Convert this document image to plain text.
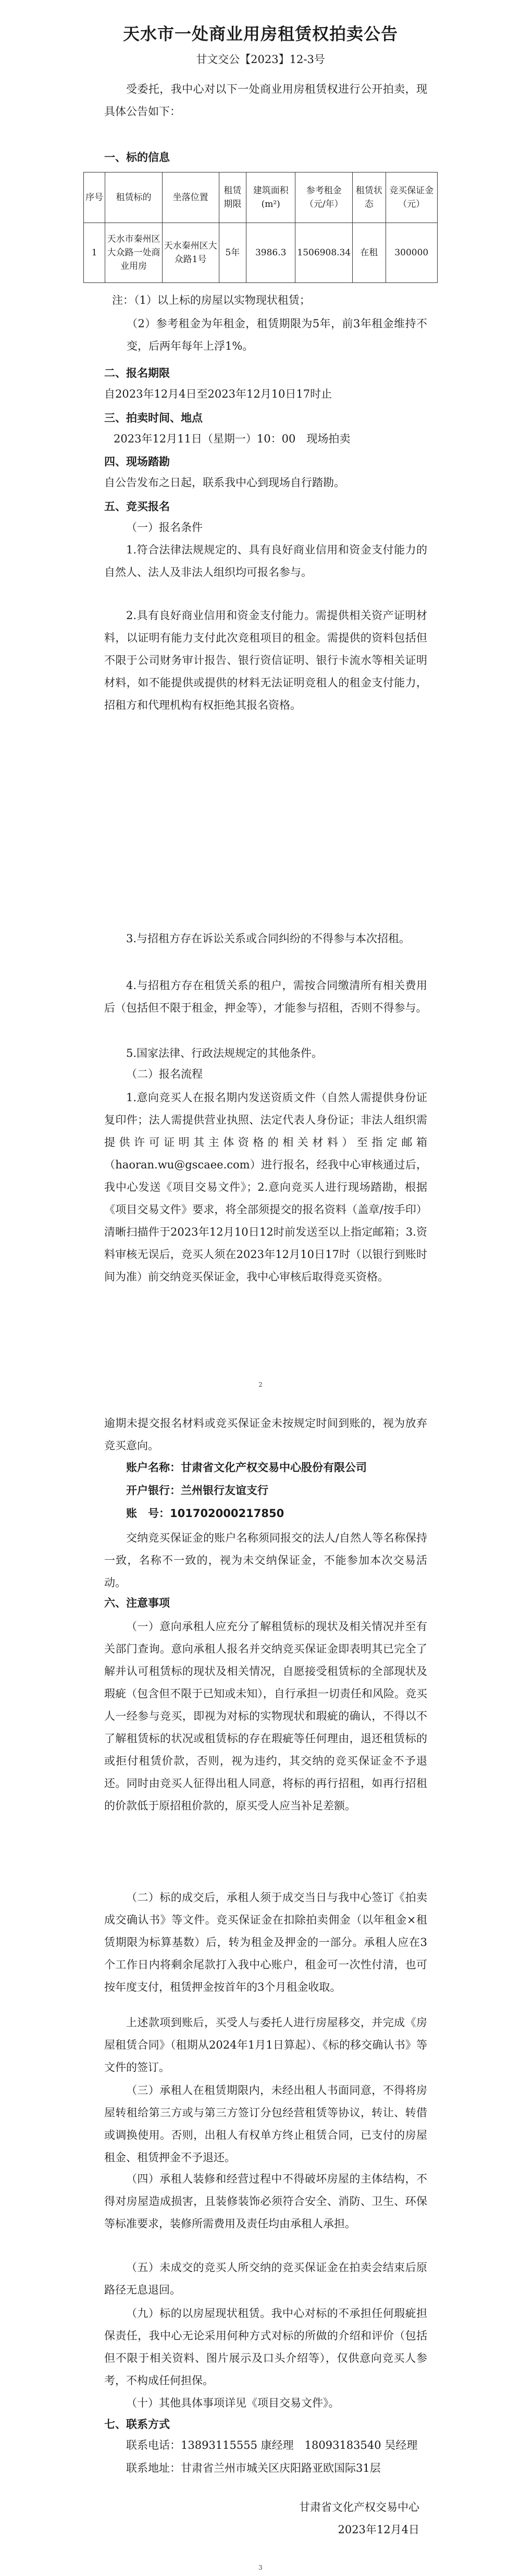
天水市一处商业用房租赁权拍卖公告
甘文交公【2023】12-3号
受委托，我中心对以下一处商业用房租赁权进行公开拍卖，现具体公告如下：
一、标的信息
序号	租赁标的	坐落位置	租赁期限	建筑面积(m²)	参考租金（元/年）	租赁状态	竞买保证金（元）
1	天水市秦州区大众路一处商业用房	天水秦州区大众路1号	5年	3986.3	1506908.34	在租	300000
注：（1）以上标的房屋以实物现状租赁；
（2）参考租金为年租金，租赁期限为5年，前3年租金维持不变，后两年每年上浮1%。
二、报名期限
自2023年12月4日至2023年12月10日17时止
三、拍卖时间、地点
2023年12月11日（星期一）10：00　现场拍卖
四、现场踏勘
自公告发布之日起，联系我中心到现场自行踏勘。
五、竞买报名
（一）报名条件
1.符合法律法规规定的、具有良好商业信用和资金支付能力的自然人、法人及非法人组织均可报名参与。
2.具有良好商业信用和资金支付能力。需提供相关资产证明材料，以证明有能力支付此次竞租项目的租金。需提供的资料包括但不限于公司财务审计报告、银行资信证明、银行卡流水等相关证明材料，如不能提供或提供的材料无法证明竞租人的租金支付能力，招租方和代理机构有权拒绝其报名资格。
3.与招租方存在诉讼关系或合同纠纷的不得参与本次招租。
4.与招租方存在租赁关系的租户，需按合同缴清所有相关费用后（包括但不限于租金，押金等），才能参与招租，否则不得参与。
5.国家法律、行政法规规定的其他条件。
（二）报名流程
1.意向竞买人在报名期内发送资质文件（自然人需提供身份证复印件；法人需提供营业执照、法定代表人身份证；非法人组织需提供许可证明其主体资格的相关材料）至指定邮箱（haoran.wu@gscaee.com）进行报名，经我中心审核通过后，我中心发送《项目交易文件》；2.意向竞买人进行现场踏勘，根据《项目交易文件》要求，将全部须提交的报名资料（盖章/按手印）清晰扫描件于2023年12月10日12时前发送至以上指定邮箱；3.资料审核无误后，竞买人须在2023年12月10日17时（以银行到账时间为准）前交纳竞买保证金，我中心审核后取得竞买资格。
2
逾期未提交报名材料或竞买保证金未按规定时间到账的，视为放弃竞买意向。
账户名称：甘肃省文化产权交易中心股份有限公司
开户银行：兰州银行友谊支行
账　号：101702000217850
交纳竞买保证金的账户名称须同报交的法人/自然人等名称保持一致，名称不一致的，视为未交纳保证金，不能参加本次交易活动。
六、注意事项
（一）意向承租人应充分了解租赁标的现状及相关情况并至有关部门查询。意向承租人报名并交纳竞买保证金即表明其已完全了解并认可租赁标的现状及相关情况，自愿接受租赁标的全部现状及瑕疵（包含但不限于已知或未知），自行承担一切责任和风险。竞买人一经参与竞买，即视为对标的实物现状和瑕疵的确认，不得以不了解租赁标的状况或租赁标的存在瑕疵等任何理由，退还租赁标的或拒付租赁价款，否则，视为违约，其交纳的竞买保证金不予退还。同时由竞买人征得出租人同意，将标的再行招租，如再行招租的价款低于原招租价款的，原买受人应当补足差额。
（二）标的成交后，承租人须于成交当日与我中心签订《拍卖成交确认书》等文件。竞买保证金在扣除拍卖佣金（以年租金×租赁期限为标算基数）后，转为租金及押金的一部分。承租人应在3个工作日内将剩余尾款打入我中心账户，租金可一次性付清，也可按年度支付，租赁押金按首年的3个月租金收取。
上述款项到账后，买受人与委托人进行房屋移交，并完成《房屋租赁合同》（租期从2024年1月1日算起）、《标的移交确认书》等文件的签订。
（三）承租人在租赁期限内，未经出租人书面同意，不得将房屋转租给第三方或与第三方签订分包经营租赁等协议，转让、转借或调换使用。否则，出租人有权单方终止租赁合同，已支付的房屋租金、租赁押金不予退还。
（四）承租人装修和经营过程中不得破坏房屋的主体结构，不得对房屋造成损害，且装修装饰必须符合安全、消防、卫生、环保等标准要求，装修所需费用及责任均由承租人承担。
（五）未成交的竞买人所交纳的竞买保证金在拍卖会结束后原路径无息退回。
（九）标的以房屋现状租赁。我中心对标的不承担任何瑕疵担保责任，我中心无论采用何种方式对标的所做的介绍和评价（包括但不限于相关资料、图片展示及口头介绍等），仅供意向竞买人参考，不构成任何担保。
（十）其他具体事项详见《项目交易文件》。
七、联系方式
联系电话：13893115555 康经理　18093183540 吴经理
联系地址：甘肃省兰州市城关区庆阳路亚欧国际31层
甘肃省文化产权交易中心
2023年12月4日
3
